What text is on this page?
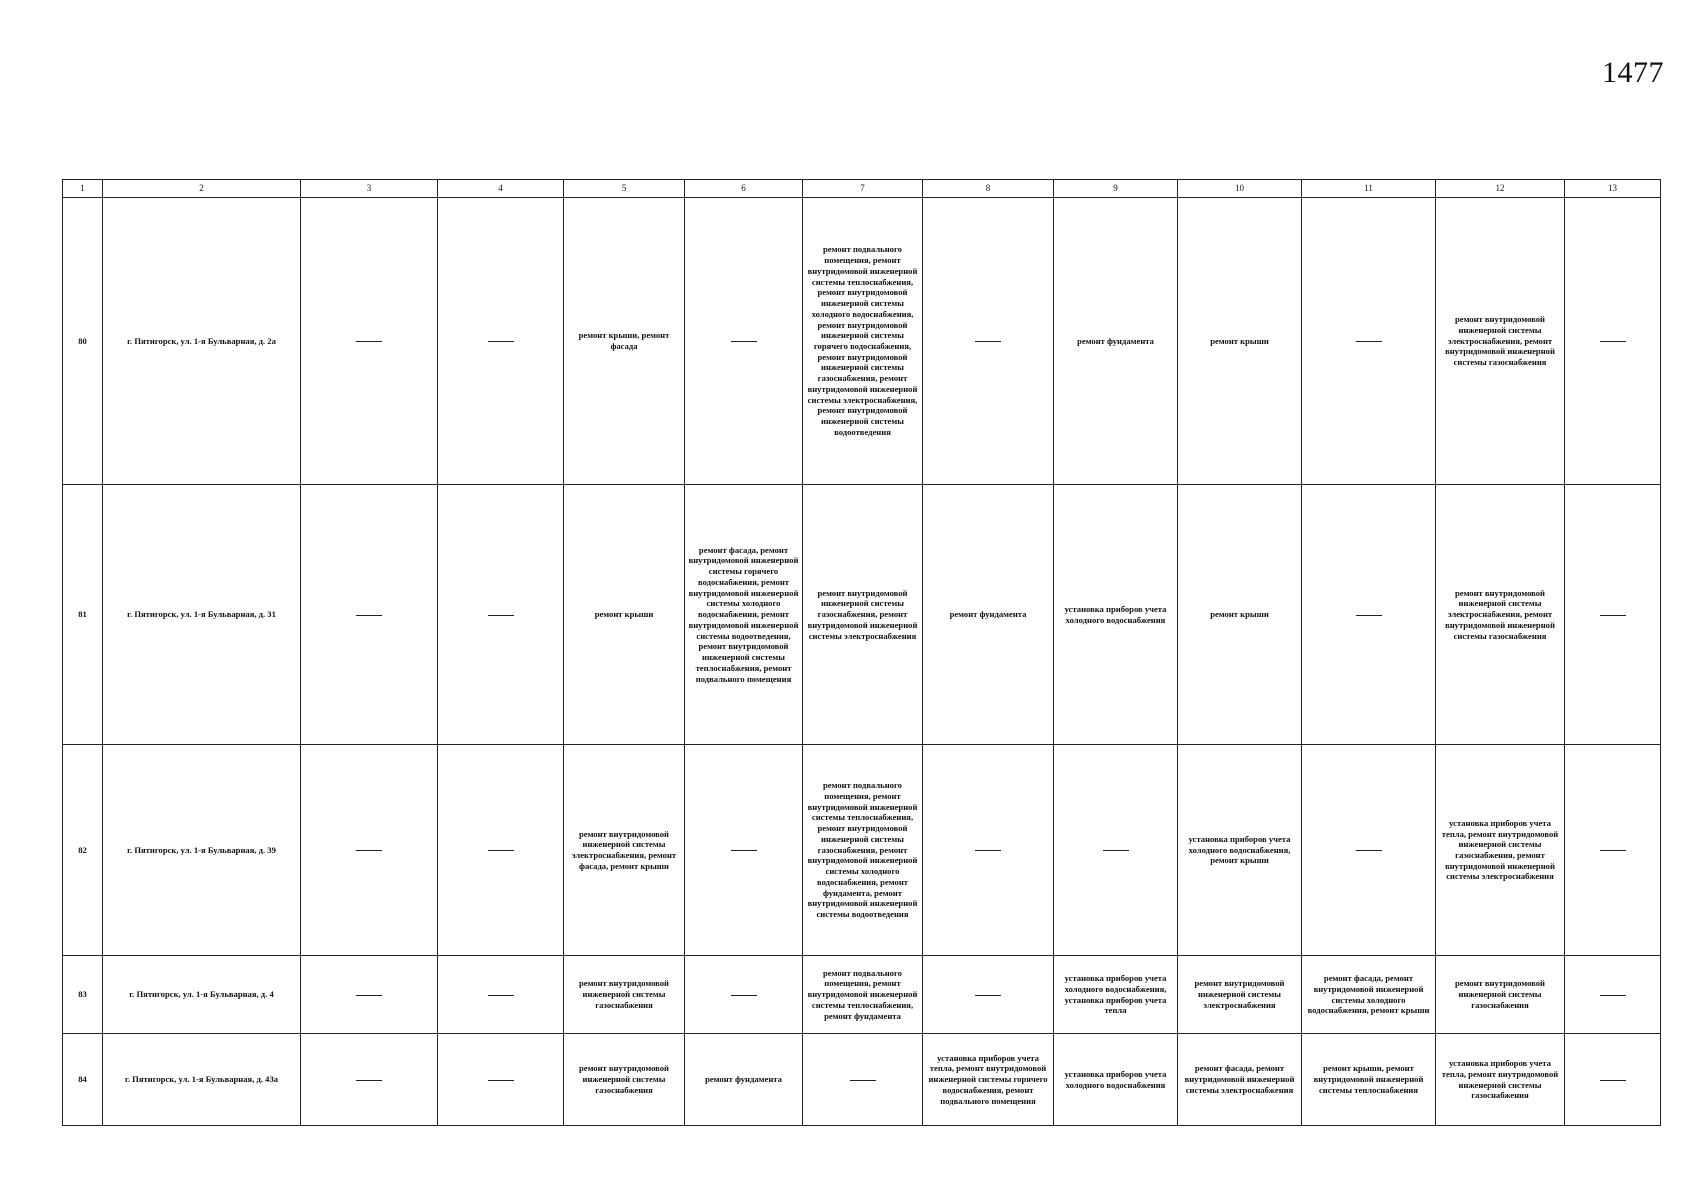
1477
1	2	3	4	5	6	7	8	9	10	11	12	13
80	г. Пятигорск, ул. 1-я Бульварная, д. 2а			ремонт крыши, ремонт фасада		ремонт подвального помещения, ремонт внутридомовой инженерной системы теплоснабжения, ремонт внутридомовой инженерной системы холодного водоснабжения, ремонт внутридомовой инженерной системы горячего водоснабжения, ремонт внутридомовой инженерной системы газоснабжения, ремонт внутридомовой инженерной системы электроснабжения, ремонт внутридомовой инженерной системы водоотведения		ремонт фундамента	ремонт крыши		ремонт внутридомовой инженерной системы электроснабжения, ремонт внутридомовой инженерной системы газоснабжения	
81	г. Пятигорск, ул. 1-я Бульварная, д. 31			ремонт крыши	ремонт фасада, ремонт внутридомовой инженерной системы горячего водоснабжения, ремонт внутридомовой инженерной системы холодного водоснабжения, ремонт внутридомовой инженерной системы водоотведения, ремонт внутридомовой инженерной системы теплоснабжения, ремонт подвального помещения	ремонт внутридомовой инженерной системы газоснабжения, ремонт внутридомовой инженерной системы электроснабжения	ремонт фундамента	установка приборов учета холодного водоснабжения	ремонт крыши		ремонт внутридомовой инженерной системы электроснабжения, ремонт внутридомовой инженерной системы газоснабжения	
82	г. Пятигорск, ул. 1-я Бульварная, д. 39			ремонт внутридомовой инженерной системы электроснабжения, ремонт фасада, ремонт крыши		ремонт подвального помещения, ремонт внутридомовой инженерной системы теплоснабжения, ремонт внутридомовой инженерной системы газоснабжения, ремонт внутридомовой инженерной системы холодного водоснабжения, ремонт фундамента, ремонт внутридомовой инженерной системы водоотведения			установка приборов учета холодного водоснабжения, ремонт крыши		установка приборов учета тепла, ремонт внутридомовой инженерной системы газоснабжения, ремонт внутридомовой инженерной системы электроснабжения	
83	г. Пятигорск, ул. 1-я Бульварная, д. 4			ремонт внутридомовой инженерной системы газоснабжения		ремонт подвального помещения, ремонт внутридомовой инженерной системы теплоснабжения, ремонт фундамента		установка приборов учета холодного водоснабжения, установка приборов учета тепла	ремонт внутридомовой инженерной системы электроснабжения	ремонт фасада, ремонт внутридомовой инженерной системы холодного водоснабжения, ремонт крыши	ремонт внутридомовой инженерной системы газоснабжения	
84	г. Пятигорск, ул. 1-я Бульварная, д. 43а			ремонт внутридомовой инженерной системы газоснабжения	ремонт фундамента		установка приборов учета тепла, ремонт внутридомовой инженерной системы горячего водоснабжения, ремонт подвального помещения	установка приборов учета холодного водоснабжения	ремонт фасада, ремонт внутридомовой инженерной системы электроснабжения	ремонт крыши, ремонт внутридомовой инженерной системы теплоснабжения	установка приборов учета тепла, ремонт внутридомовой инженерной системы газоснабжения	
